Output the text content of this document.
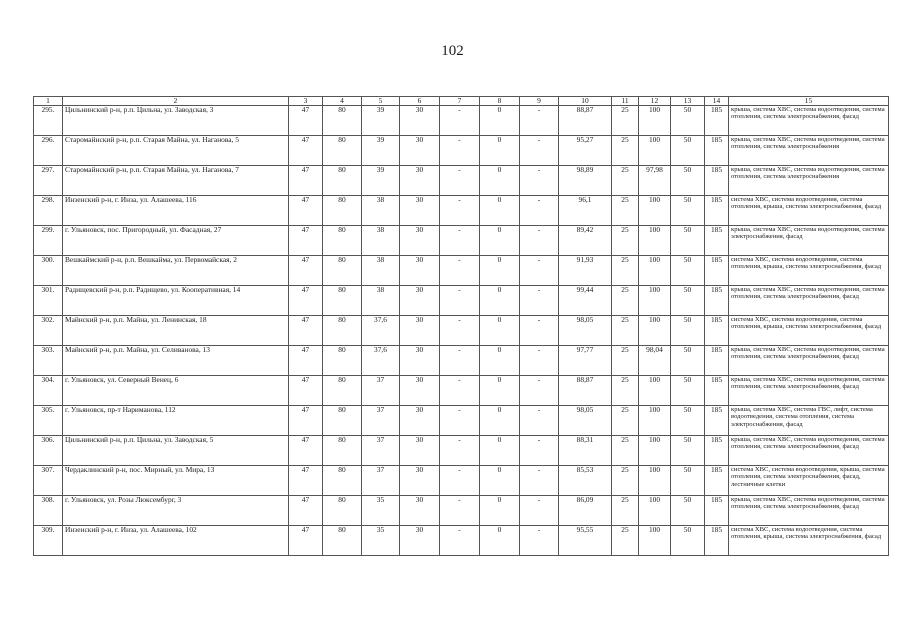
102
1	2	3	4	5	6	7	8	9	10	11	12	13	14	15
295.	Цильнинский р-н, р.п. Цильна, ул. Заводская, 3	47	80	39	30	-	0	-	88,87	25	100	50	185	крыша, система ХВС, система водоотведения, система отопления, система электроснабжения, фасад
296.	Старомайнский р-н, р.п. Старая Майна, ул. Наганова, 5	47	80	39	30	-	0	-	95,27	25	100	50	185	крыша, система ХВС, система водоотведения, система отопления, система электроснабжения
297.	Старомайнский р-н, р.п. Старая Майна, ул. Наганова, 7	47	80	39	30	-	0	-	98,89	25	97,98	50	185	крыша, система ХВС, система водоотведения, система отопления, система электроснабжения
298.	Инзенский р-н, г. Инза, ул. Алашеева, 116	47	80	38	30	-	0	-	96,1	25	100	50	185	система ХВС, система водоотведения, система отопления, крыша, система электроснабжения, фасад
299.	г. Ульяновск, пос. Пригородный, ул. Фасадная, 27	47	80	38	30	-	0	-	89,42	25	100	50	185	крыша, система ХВС, система водоотведения, система электроснабжения, фасад
300.	Вешкаймский р-н, р.п. Вешкайма, ул. Первомайская, 2	47	80	38	30	-	0	-	91,93	25	100	50	185	система ХВС, система водоотведения, система отопления, крыша, система электроснабжения, фасад
301.	Радищевский р-н, р.п. Радищево, ул. Кооперативная, 14	47	80	38	30	-	0	-	99,44	25	100	50	185	крыша, система ХВС, система водоотведения, система отопления, система электроснабжения, фасад
302.	Майнский р-н, р.п. Майна, ул. Ленинская, 18	47	80	37,6	30	-	0	-	98,05	25	100	50	185	система ХВС, система водоотведения, система отопления, крыша, система электроснабжения, фасад
303.	Майнский р-н, р.п. Майна, ул. Селиванова, 13	47	80	37,6	30	-	0	-	97,77	25	98,04	50	185	крыша, система ХВС, система водоотведения, система отопления, система электроснабжения, фасад
304.	г. Ульяновск, ул. Северный Венец, 6	47	80	37	30	-	0	-	88,87	25	100	50	185	крыша, система ХВС, система водоотведения, система отопления, система электроснабжения, фасад
305.	г. Ульяновск, пр-т Нариманова, 112	47	80	37	30	-	0	-	98,05	25	100	50	185	крыша, система ХВС, система ГВС, лифт, система водоотведения, система отопления, система электроснабжения, фасад
306.	Цильнинский р-н, р.п. Цильна, ул. Заводская, 5	47	80	37	30	-	0	-	88,31	25	100	50	185	крыша, система ХВС, система водоотведения, система отопления, система электроснабжения, фасад
307.	Чердаклинский р-н, пос. Мирный, ул. Мира, 13	47	80	37	30	-	0	-	85,53	25	100	50	185	система ХВС, система водоотведения, крыша, система отопления, система электроснабжения, фасад, лестничные клетки
308.	г. Ульяновск, ул. Розы Люксембург, 3	47	80	35	30	-	0	-	86,09	25	100	50	185	крыша, система ХВС, система водоотведения, система отопления, система электроснабжения, фасад
309.	Инзенский р-н, г. Инза, ул. Алашеева, 102	47	80	35	30	-	0	-	95,55	25	100	50	185	система ХВС, система водоотведения, система отопления, крыша, система электроснабжения, фасад
